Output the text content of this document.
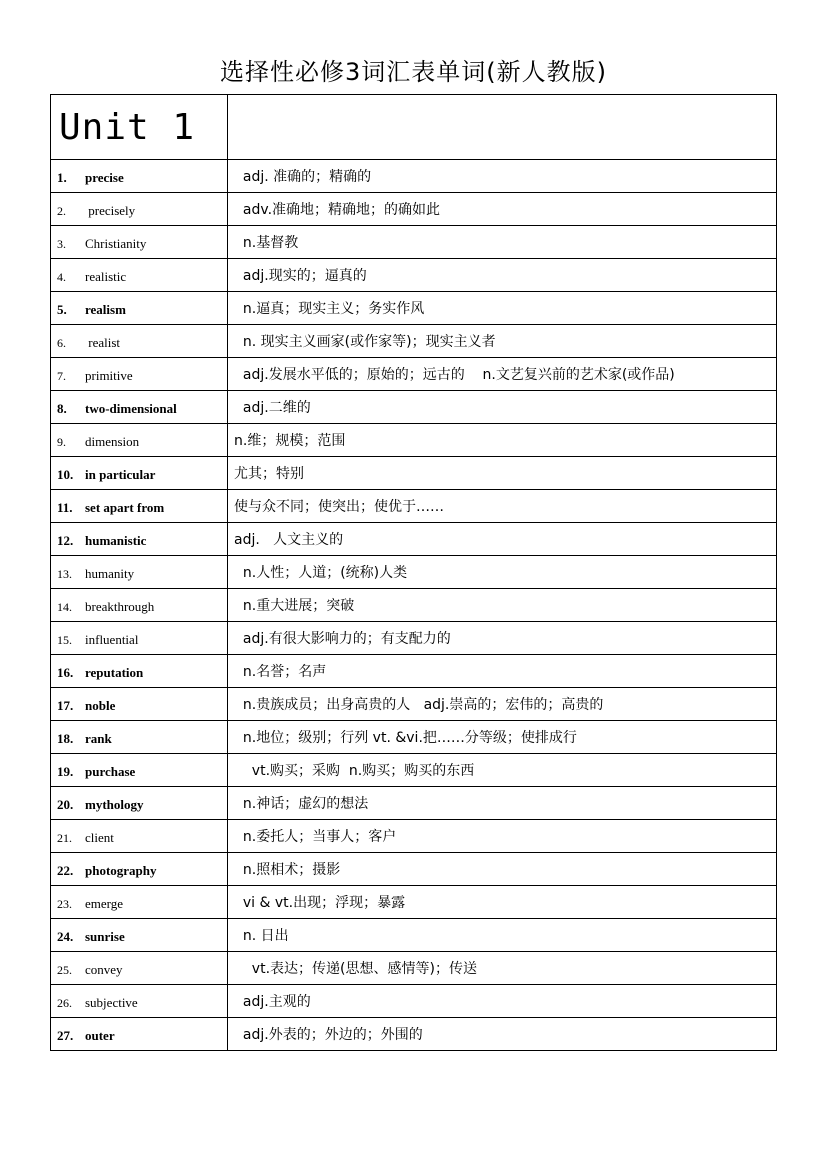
选择性必修3词汇表单词(新人教版)
Unit 1	
1. precise	adj. 准确的；精确的
2. precisely	adv.准确地；精确地；的确如此
3. Christianity	n.基督教
4. realistic	adj.现实的；逼真的
5. realism	n.逼真；现实主义；务实作风
6. realist	n. 现实主义画家(或作家等)；现实主义者
7. primitive	adj.发展水平低的；原始的；远古的    n.文艺复兴前的艺术家(或作品)
8. two-dimensional	adj.二维的
9. dimension	n.维；规模；范围
10. in particular	尤其；特别
11. set apart from	使与众不同；使突出；使优于……
12. humanistic	adj.   人文主义的
13. humanity	n.人性；人道；(统称)人类
14. breakthrough	n.重大进展；突破
15. influential	adj.有很大影响力的；有支配力的
16. reputation	n.名誉；名声
17. noble	n.贵族成员；出身高贵的人   adj.崇高的；宏伟的；高贵的
18. rank	n.地位；级别；行列 vt. &vi.把……分等级；使排成行
19. purchase	vt.购买；采购  n.购买；购买的东西
20. mythology	n.神话；虚幻的想法
21. client	n.委托人；当事人；客户
22. photography	n.照相术；摄影
23. emerge	vi & vt.出现；浮现；暴露
24. sunrise	n. 日出
25. convey	vt.表达；传递(思想、感情等)；传送
26. subjective	adj.主观的
27. outer	adj.外表的；外边的；外围的
